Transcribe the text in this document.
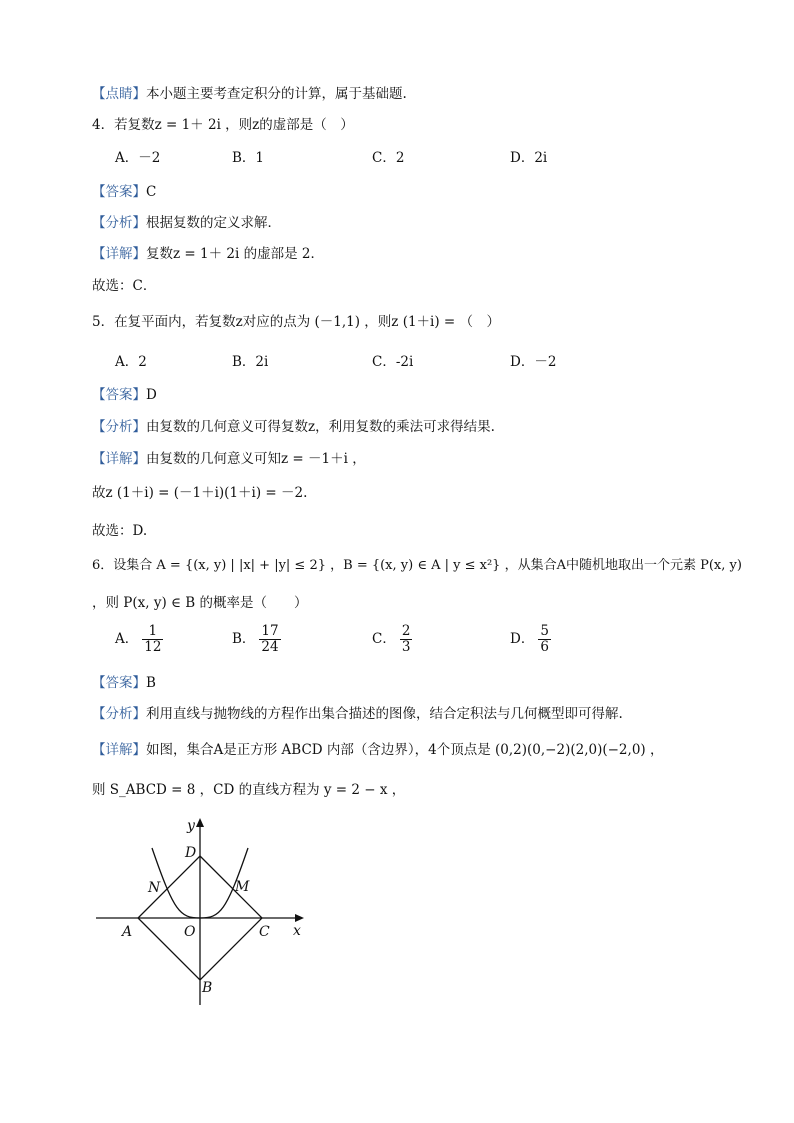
【点睛】本小题主要考查定积分的计算，属于基础题.
4．若复数z = 1＋ 2i ，则z的虚部是（　）
A．－2	B．1	C．2	D．2i
【答案】C
【分析】根据复数的定义求解．
【详解】复数z = 1＋ 2i 的虚部是 2．
故选：C．
5．在复平面内，若复数z对应的点为 (－1,1) ，则z (1＋i) = （　）
A．2	B．2i	C．-2i	D．－2
【答案】D
【分析】由复数的几何意义可得复数z，利用复数的乘法可求得结果.
【详解】由复数的几何意义可知z = －1＋i ，
故z (1＋i) = (－1＋i)(1＋i) = －2.
故选：D.
6．设集合 A = {(x, y) | |x| + |y| ≤ 2} ，B = {(x, y) ∈ A | y ≤ x²} ，从集合A中随机地取出一个元素 P(x, y)
，则 P(x, y) ∈ B 的概率是（　　）
A． $\frac{1}{12}$	B． $\frac{17}{24}$	C． $\frac{2}{3}$	D． $\frac{5}{6}$
【答案】B
【分析】利用直线与抛物线的方程作出集合描述的图像，结合定积法与几何概型即可得解.
【详解】如图，集合A是正方形 ABCD 内部（含边界），4个顶点是 (0,2)(0,−2)(2,0)(−2,0) ，
则 S_ABCD = 8 ，CD 的直线方程为 y = 2 − x ，
y
x
D
N	M
A	O	C
B
